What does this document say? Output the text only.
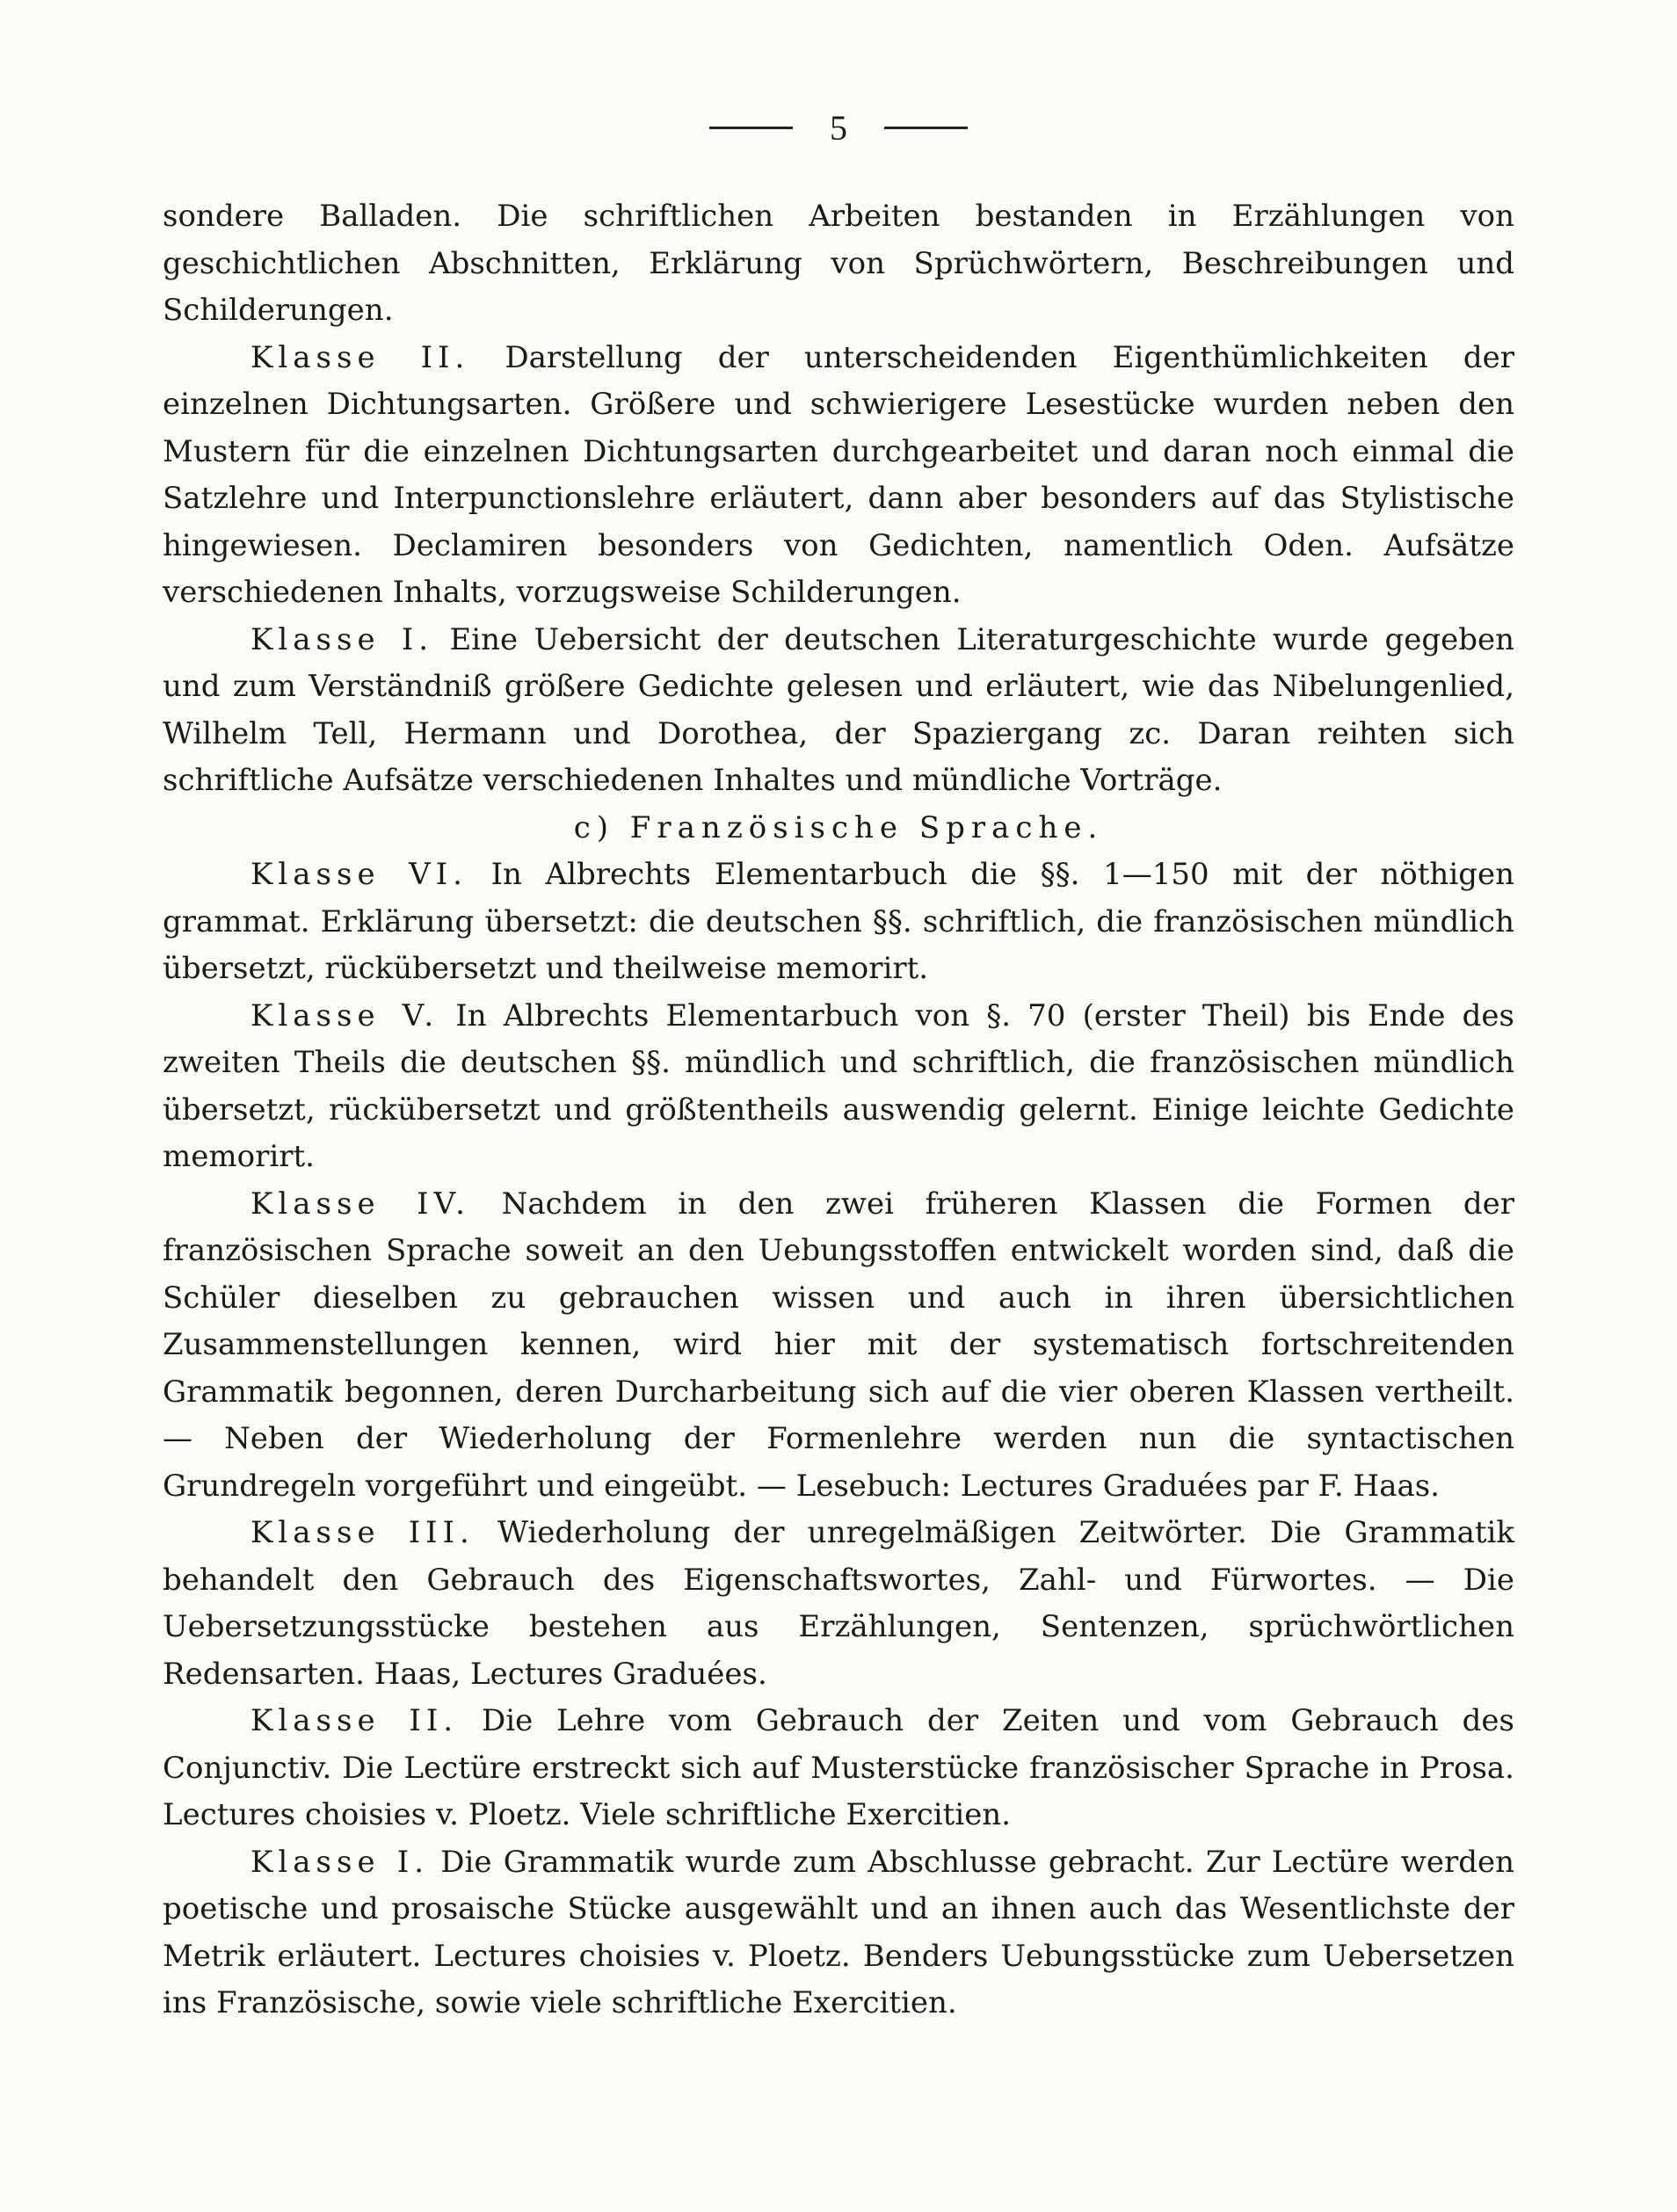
5

sondere Balladen. Die schriftlichen Arbeiten bestanden in Erzählungen von geschichtlichen Abschnitten, Erklärung von Sprüchwörtern, Beschreibungen und Schilderungen.

Klasse II. Darstellung der unterscheidenden Eigenthümlichkeiten der einzelnen Dichtungsarten. Größere und schwierigere Lesestücke wurden neben den Mustern für die einzelnen Dichtungsarten durchgearbeitet und daran noch einmal die Satzlehre und Interpunctionslehre erläutert, dann aber besonders auf das Stylistische hingewiesen. Declamiren besonders von Gedichten, namentlich Oden. Aufsätze verschiedenen Inhalts, vorzugsweise Schilderungen.

Klasse I. Eine Uebersicht der deutschen Literaturgeschichte wurde gegeben und zum Verständniß größere Gedichte gelesen und erläutert, wie das Nibelungenlied, Wilhelm Tell, Hermann und Dorothea, der Spaziergang zc. Daran reihten sich schriftliche Aufsätze verschiedenen Inhaltes und mündliche Vorträge.

c) Französische Sprache.

Klasse VI. In Albrechts Elementarbuch die §§. 1—150 mit der nöthigen grammat. Erklärung übersetzt: die deutschen §§. schriftlich, die französischen mündlich übersetzt, rückübersetzt und theilweise memorirt.

Klasse V. In Albrechts Elementarbuch von §. 70 (erster Theil) bis Ende des zweiten Theils die deutschen §§. mündlich und schriftlich, die französischen mündlich übersetzt, rückübersetzt und größtentheils auswendig gelernt. Einige leichte Gedichte memorirt.

Klasse IV. Nachdem in den zwei früheren Klassen die Formen der französischen Sprache soweit an den Uebungsstoffen entwickelt worden sind, daß die Schüler dieselben zu gebrauchen wissen und auch in ihren übersichtlichen Zusammenstellungen kennen, wird hier mit der systematisch fortschreitenden Grammatik begonnen, deren Durcharbeitung sich auf die vier oberen Klassen vertheilt. — Neben der Wiederholung der Formenlehre werden nun die syntactischen Grundregeln vorgeführt und eingeübt. — Lesebuch: Lectures Graduées par F. Haas.

Klasse III. Wiederholung der unregelmäßigen Zeitwörter. Die Grammatik behandelt den Gebrauch des Eigenschaftswortes, Zahl- und Fürwortes. — Die Uebersetzungsstücke bestehen aus Erzählungen, Sentenzen, sprüchwörtlichen Redensarten. Haas, Lectures Graduées.

Klasse II. Die Lehre vom Gebrauch der Zeiten und vom Gebrauch des Conjunctiv. Die Lectüre erstreckt sich auf Musterstücke französischer Sprache in Prosa. Lectures choisies v. Ploetz. Viele schriftliche Exercitien.

Klasse I. Die Grammatik wurde zum Abschlusse gebracht. Zur Lectüre werden poetische und prosaische Stücke ausgewählt und an ihnen auch das Wesentlichste der Metrik erläutert. Lectures choisies v. Ploetz. Benders Uebungsstücke zum Uebersetzen ins Französische, sowie viele schriftliche Exercitien.
